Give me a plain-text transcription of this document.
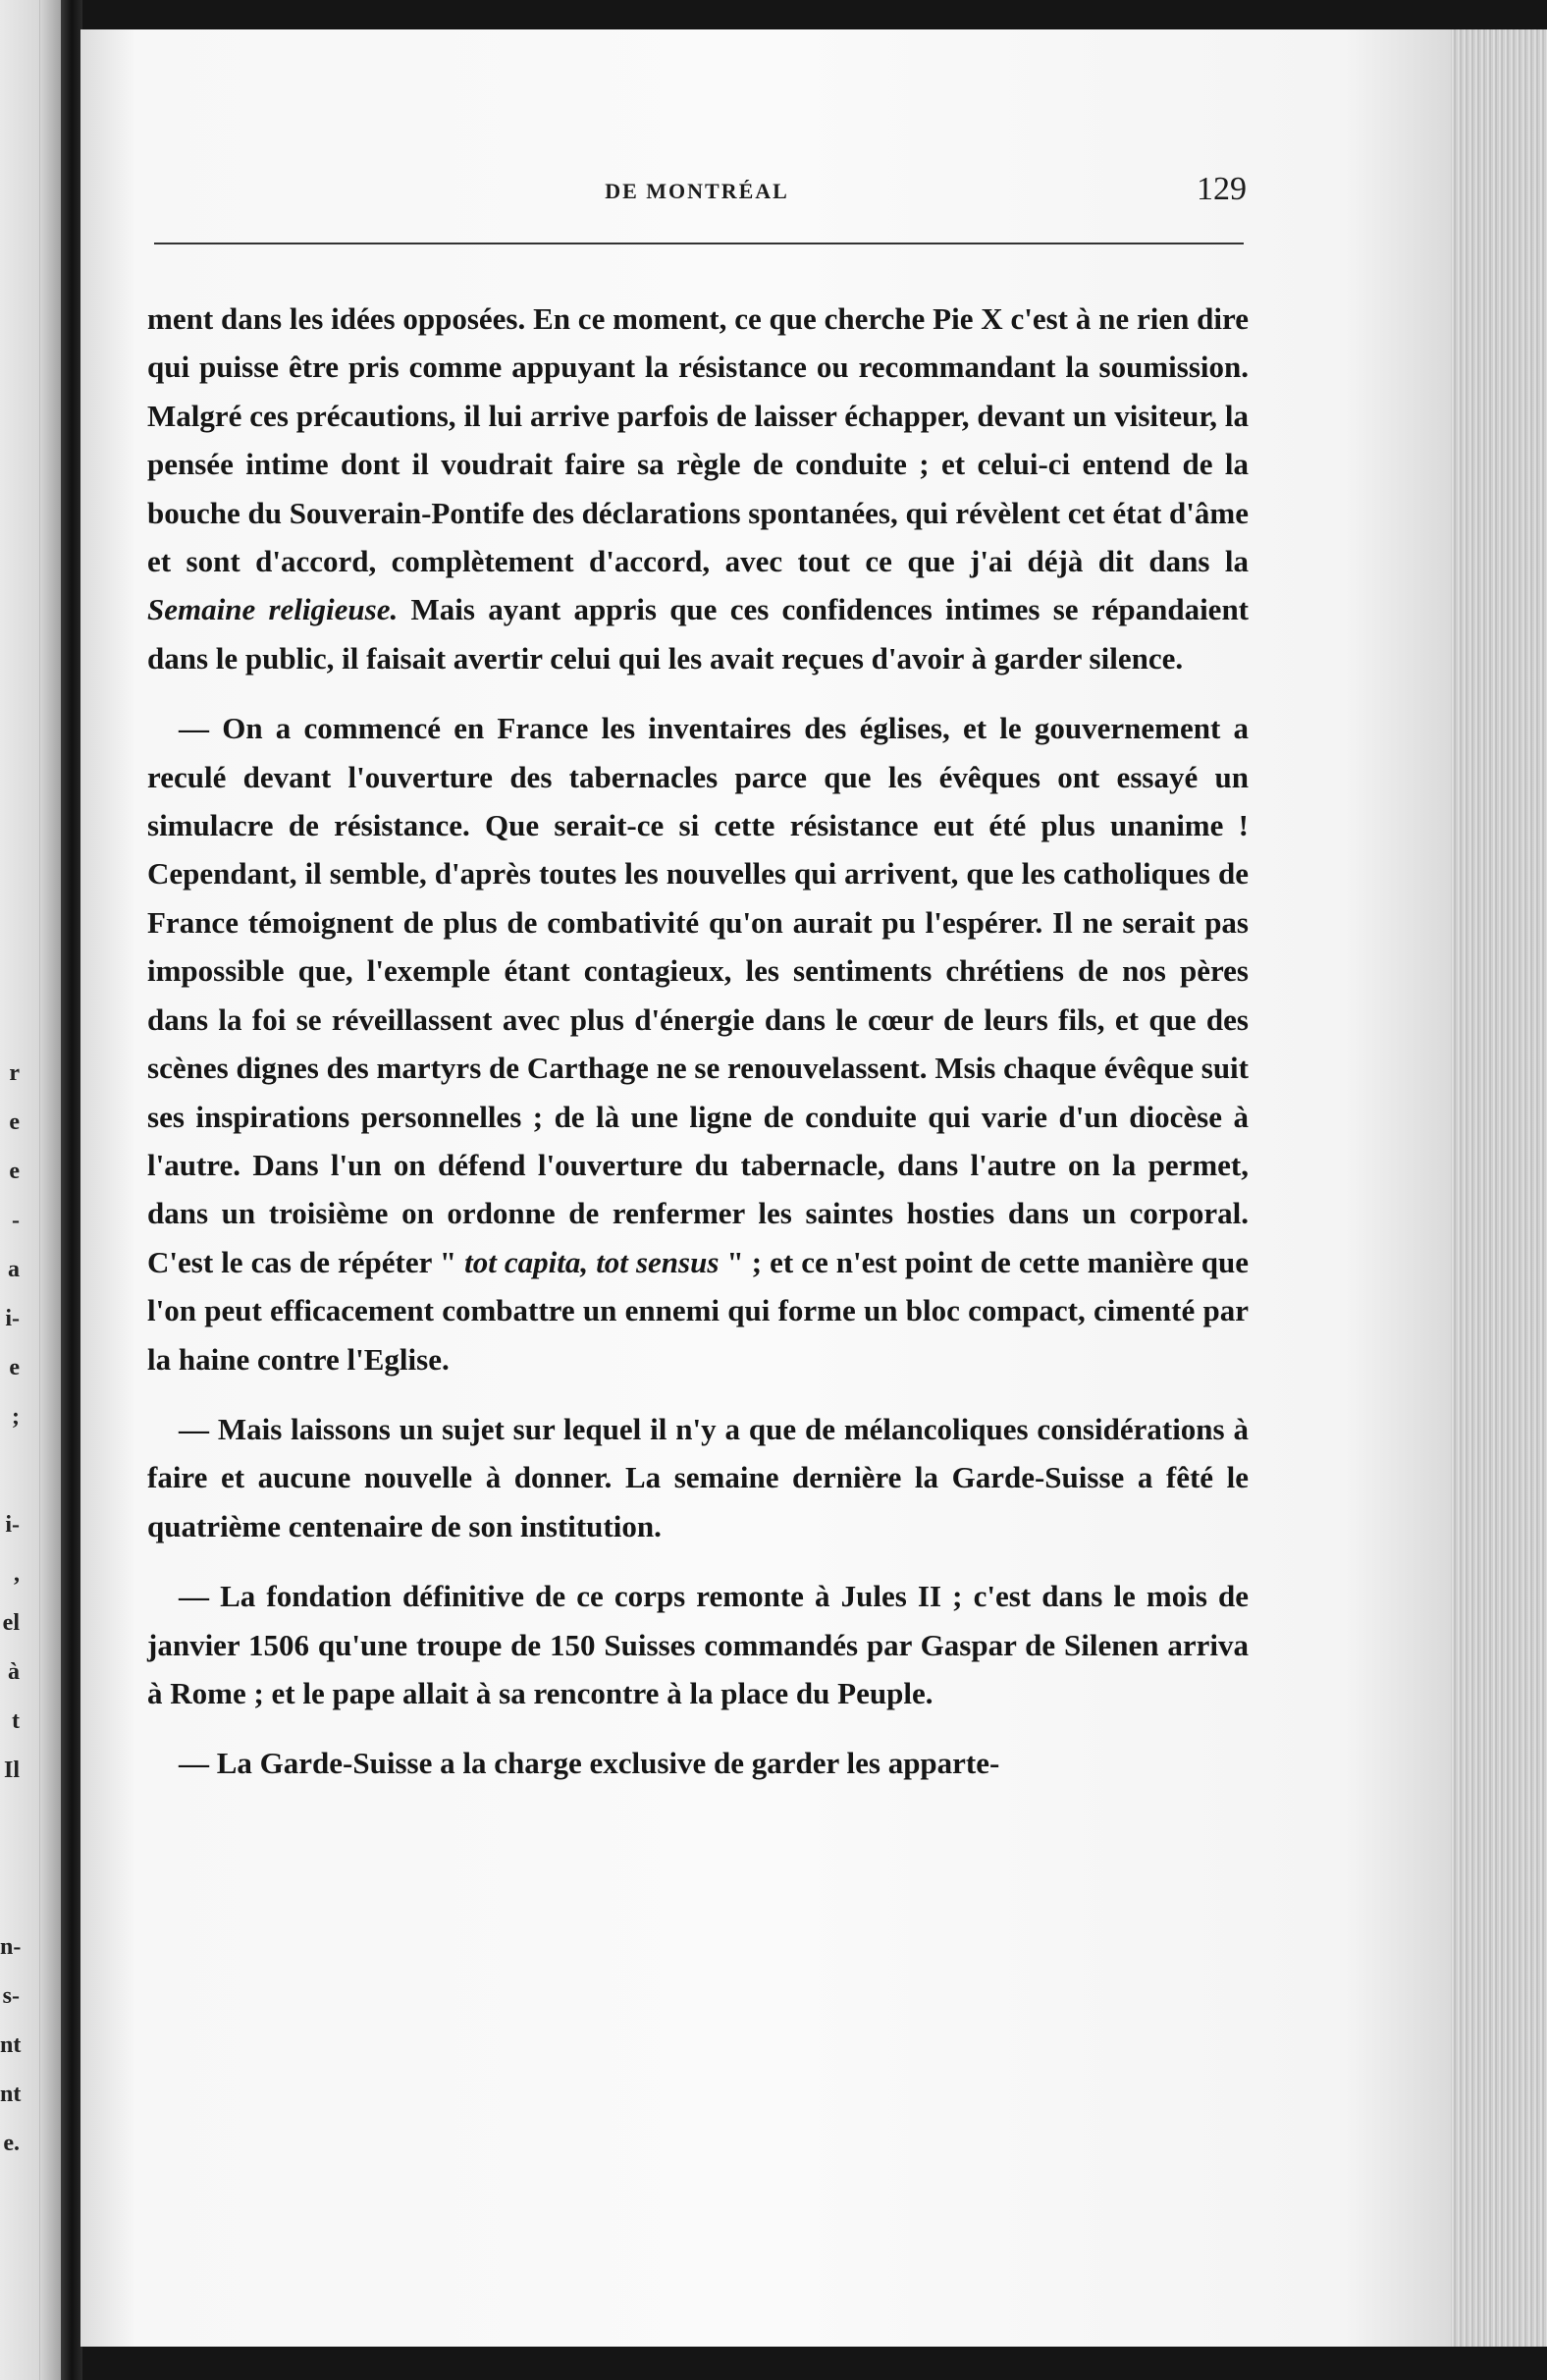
r
e
e
-
a
i-
e
;
i-
,
el
à
t
Il
n-
s-
nt
nt
e.
DE MONTRÉAL	129

ment dans les idées opposées. En ce moment, ce que cherche Pie X c'est à ne rien dire qui puisse être pris comme appuyant la résistance ou recommandant la soumission. Malgré ces précautions, il lui arrive parfois de laisser échapper, devant un visiteur, la pensée intime dont il voudrait faire sa règle de conduite ; et celui-ci entend de la bouche du Souverain-Pontife des déclarations spontanées, qui révèlent cet état d'âme et sont d'accord, complètement d'accord, avec tout ce que j'ai déjà dit dans la Semaine religieuse. Mais ayant appris que ces confidences intimes se répandaient dans le public, il faisait avertir celui qui les avait reçues d'avoir à garder silence.

— On a commencé en France les inventaires des églises, et le gouvernement a reculé devant l'ouverture des tabernacles parce que les évêques ont essayé un simulacre de résistance. Que serait-ce si cette résistance eut été plus unanime ! Cependant, il semble, d'après toutes les nouvelles qui arrivent, que les catholiques de France témoignent de plus de combativité qu'on aurait pu l'espérer. Il ne serait pas impossible que, l'exemple étant contagieux, les sentiments chrétiens de nos pères dans la foi se réveillassent avec plus d'énergie dans le cœur de leurs fils, et que des scènes dignes des martyrs de Carthage ne se renouvelassent. Msis chaque évêque suit ses inspirations personnelles ; de là une ligne de conduite qui varie d'un diocèse à l'autre. Dans l'un on défend l'ouverture du tabernacle, dans l'autre on la permet, dans un troisième on ordonne de renfermer les saintes hosties dans un corporal. C'est le cas de répéter " tot capita, tot sensus " ; et ce n'est point de cette manière que l'on peut efficacement combattre un ennemi qui forme un bloc compact, cimenté par la haine contre l'Eglise.

— Mais laissons un sujet sur lequel il n'y a que de mélancoliques considérations à faire et aucune nouvelle à donner. La semaine dernière la Garde-Suisse a fêté le quatrième centenaire de son institution.

— La fondation définitive de ce corps remonte à Jules II ; c'est dans le mois de janvier 1506 qu'une troupe de 150 Suisses commandés par Gaspar de Silenen arriva à Rome ; et le pape allait à sa rencontre à la place du Peuple.

— La Garde-Suisse a la charge exclusive de garder les apparte-
